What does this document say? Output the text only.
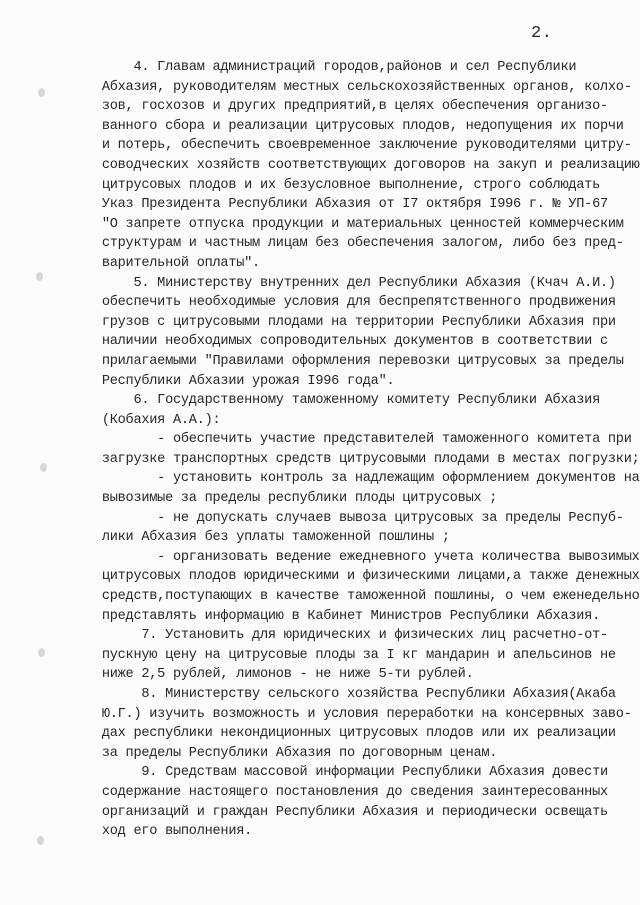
2.
4. Главам администраций городов,районов и сел Республики
Абхазия, руководителям местных сельскохозяйственных органов, колхо-
зов, госхозов и других предприятий,в целях обеспечения организо-
ванного сбора и реализации цитрусовых плодов, недопущения их порчи
и потерь, обеспечить своевременное заключение руководителями цитру-
соводческих хозяйств соответствующих договоров на закуп и реализацию
цитрусовых плодов и их безусловное выполнение, строго соблюдать
Указ Президента Республики Абхазия от I7 октября I996 г. № УП-67
"О запрете отпуска продукции и материальных ценностей коммерческим
структурам и частным лицам без обеспечения залогом, либо без пред-
варительной оплаты".
5. Министерству внутренних дел Республики Абхазия (Кчач А.И.)
обеспечить необходимые условия для беспрепятственного продвижения
грузов с цитрусовыми плодами на территории Республики Абхазия при
наличии необходимых сопроводительных документов в соответствии с
прилагаемыми "Правилами оформления перевозки цитрусовых за пределы
Республики Абхазии урожая I996 года".
6. Государственному таможенному комитету Республики Абхазия
(Кобахия А.А.):
- обеспечить участие представителей таможенного комитета при
загрузке транспортных средств цитрусовыми плодами в местах погрузки;
- установить контроль за надлежащим оформлением документов на
вывозимые за пределы республики плоды цитрусовых ;
- не допускать случаев вывоза цитрусовых за пределы Респуб-
лики Абхазия без уплаты таможенной пошлины ;
- организовать ведение ежедневного учета количества вывозимых
цитрусовых плодов юридическими и физическими лицами,а также денежных
средств,поступающих в качестве таможенной пошлины, о чем еженедельно
представлять информацию в Кабинет Министров Республики Абхазия.
7. Установить для юридических и физических лиц расчетно-от-
пускную цену на цитрусовые плоды за I кг мандарин и апельсинов не
ниже 2,5 рублей, лимонов - не ниже 5-ти рублей.
8. Министерству сельского хозяйства Республики Абхазия(Акаба
Ю.Г.) изучить возможность и условия переработки на консервных заво-
дах республики некондиционных цитрусовых плодов или их реализации
за пределы Республики Абхазия по договорным ценам.
9. Средствам массовой информации Республики Абхазия довести
содержание настоящего постановления до сведения заинтересованных
организаций и граждан Республики Абхазия и периодически освещать
ход его выполнения.
